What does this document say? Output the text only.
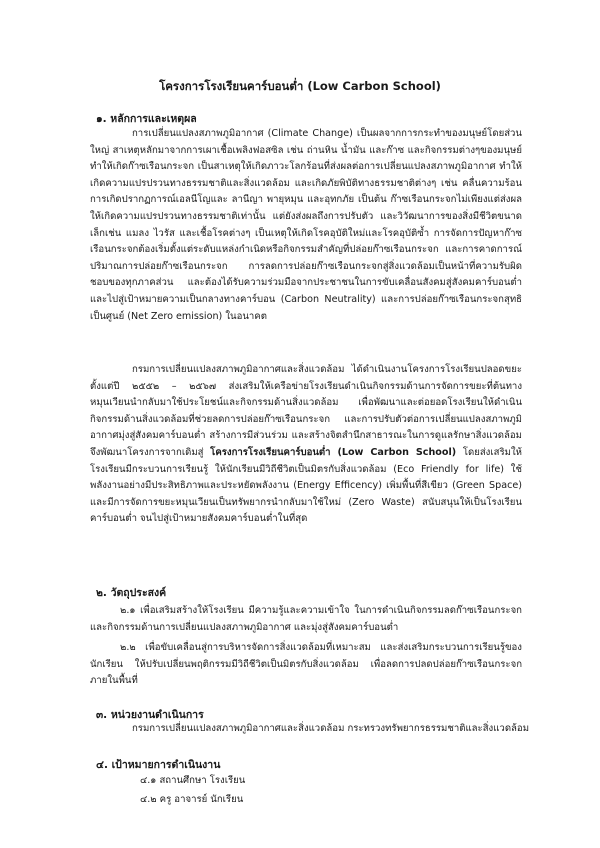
โครงการโรงเรียนคาร์บอนต่ำ (Low Carbon School)
๑. หลักการและเหตุผล

การเปลี่ยนแปลงสภาพภูมิอากาศ (Climate Change) เป็นผลจากการกระทำของมนุษย์โดยส่วนใหญ่ สาเหตุหลักมาจากการเผาเชื้อเพลิงฟอสซิล เช่น ถ่านหิน น้ำมัน และก๊าซ และกิจกรรมต่างๆของมนุษย์ทำให้เกิดก๊าซเรือนกระจก เป็นสาเหตุให้เกิดภาวะโลกร้อนที่ส่งผลต่อการเปลี่ยนแปลงสภาพภูมิอากาศ ทำให้เกิดความแปรปรวนทางธรรมชาติและสิ่งแวดล้อม และเกิดภัยพิบัติทางธรรมชาติต่างๆ เช่น คลื่นความร้อน การเกิดปรากฏการณ์เอลนีโญและ ลานีญา พายุหมุน และอุทกภัย เป็นต้น ก๊าซเรือนกระจกไม่เพียงแต่ส่งผลให้เกิดความแปรปรวนทางธรรมชาติเท่านั้น แต่ยังส่งผลถึงการปรับตัว และวิวัฒนาการของสิ่งมีชีวิตขนาดเล็กเช่น แมลง ไวรัส และเชื้อโรคต่างๆ เป็นเหตุให้เกิดโรคอุบัติใหม่และโรคอุบัติซ้ำ การจัดการปัญหาก๊าซเรือนกระจกต้องเริ่มตั้งแต่ระดับแหล่งกำเนิดหรือกิจกรรมสำคัญที่ปล่อยก๊าซเรือนกระจก และการคาดการณ์ปริมาณการปล่อยก๊าซเรือนกระจก การลดการปล่อยก๊าซเรือนกระจกสู่สิ่งแวดล้อมเป็นหน้าที่ความรับผิดชอบของทุกภาคส่วน และต้องได้รับความร่วมมือจากประชาชนในการขับเคลื่อนสังคมสู่สังคมคาร์บอนต่ำ และไปสู่เป้าหมายความเป็นกลางทางคาร์บอน (Carbon Neutrality) และการปล่อยก๊าซเรือนกระจกสุทธิ เป็นศูนย์ (Net Zero emission) ในอนาคต

กรมการเปลี่ยนแปลงสภาพภูมิอากาศและสิ่งแวดล้อม ได้ดำเนินงานโครงการโรงเรียนปลอดขยะ ตั้งแต่ปี ๒๕๕๒ – ๒๕๖๗ ส่งเสริมให้เครือข่ายโรงเรียนดำเนินกิจกรรมด้านการจัดการขยะที่ต้นทาง หมุนเวียนนำกลับมาใช้ประโยชน์และกิจกรรมด้านสิ่งแวดล้อม เพื่อพัฒนาและต่อยอดโรงเรียนให้ดำเนินกิจกรรมด้านสิ่งแวดล้อมที่ช่วยลดการปล่อยก๊าซเรือนกระจก และการปรับตัวต่อการเปลี่ยนแปลงสภาพภูมิอากาศมุ่งสู่สังคมคาร์บอนต่ำ สร้างการมีส่วนร่วม และสร้างจิตสำนึกสาธารณะในการดูแลรักษาสิ่งแวดล้อม จึงพัฒนาโครงการจากเดิมสู่ โครงการโรงเรียนคาร์บอนต่ำ (Low Carbon School) โดยส่งเสริมให้โรงเรียนมีกระบวนการเรียนรู้ ให้นักเรียนมีวิถีชีวิตเป็นมิตรกับสิ่งแวดล้อม (Eco Friendly for life) ใช้พลังงานอย่างมีประสิทธิภาพและประหยัดพลังงาน (Energy Efficency) เพิ่มพื้นที่สีเขียว (Green Space) และมีการจัดการขยะหมุนเวียนเป็นทรัพยากรนำกลับมาใช้ใหม่ (Zero Waste) สนับสนุนให้เป็นโรงเรียนคาร์บอนต่ำ จนไปสู่เป้าหมายสังคมคาร์บอนต่ำในที่สุด

๒. วัตถุประสงค์

๒.๑ เพื่อเสริมสร้างให้โรงเรียน มีความรู้และความเข้าใจ ในการดำเนินกิจกรรมลดก๊าซเรือนกระจกและกิจกรรมด้านการเปลี่ยนแปลงสภาพภูมิอากาศ และมุ่งสู่สังคมคาร์บอนต่ำ

๒.๒ เพื่อขับเคลื่อนสู่การบริหารจัดการสิ่งแวดล้อมที่เหมาะสม และส่งเสริมกระบวนการเรียนรู้ของนักเรียน ให้ปรับเปลี่ยนพฤติกรรมมีวิถีชีวิตเป็นมิตรกับสิ่งแวดล้อม เพื่อลดการปลดปล่อยก๊าซเรือนกระจกภายในพื้นที่

๓. หน่วยงานดำเนินการ

กรมการเปลี่ยนแปลงสภาพภูมิอากาศและสิ่งแวดล้อม กระทรวงทรัพยากรธรรมชาติและสิ่งแวดล้อม

๔. เป้าหมายการดำเนินงาน

๔.๑ สถานศึกษา โรงเรียน

๔.๒ ครู อาจารย์ นักเรียน
